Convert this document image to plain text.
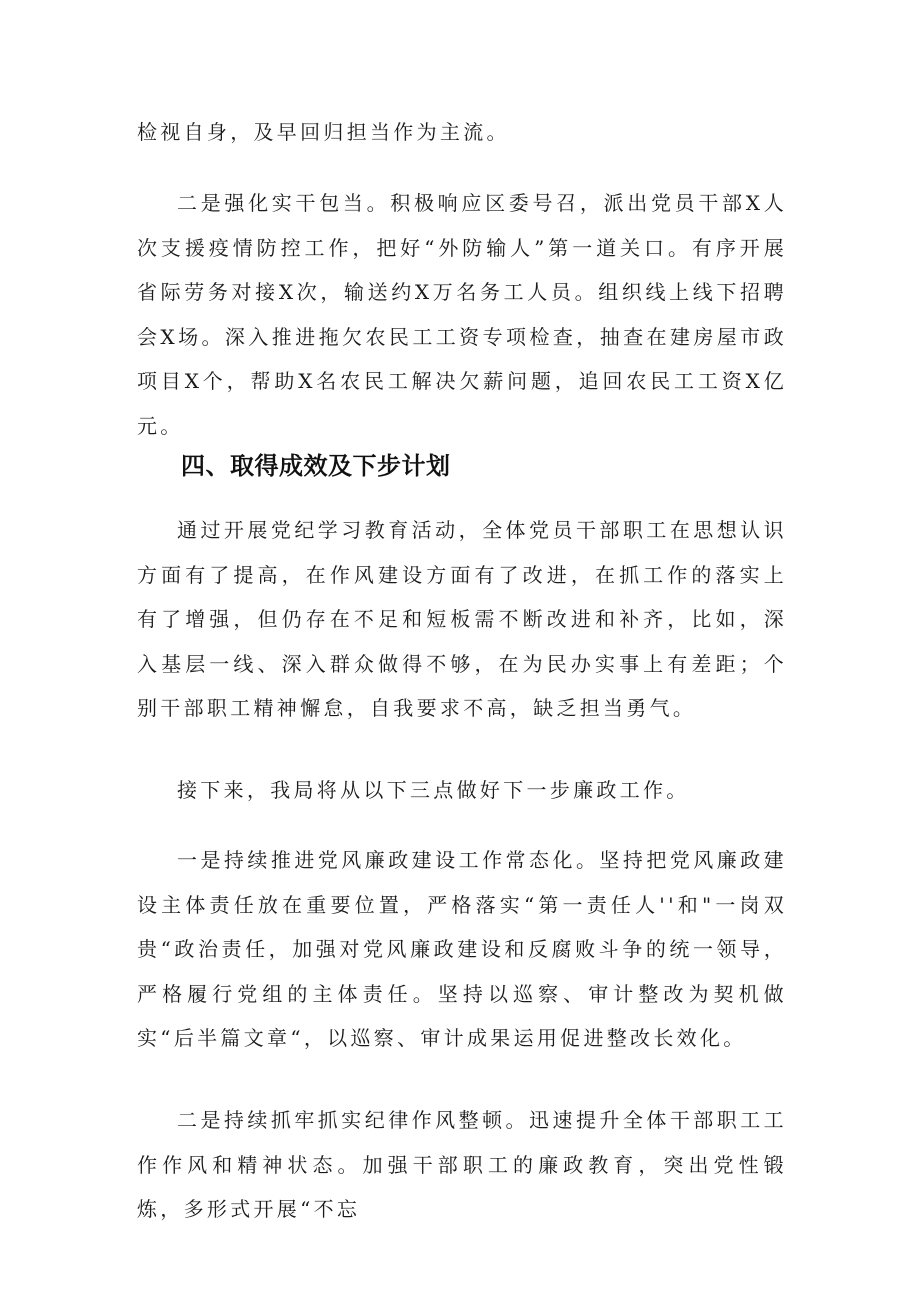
检视自身，及早回归担当作为主流。

二是强化实干包当。积极响应区委号召，派出党员干部X人次支援疫情防控工作，把好“外防输人”第一道关口。有序开展省际劳务对接X次，输送约X万名务工人员。组织线上线下招聘会X场。深入推进拖欠农民工工资专项检查，抽查在建房屋市政项目X个，帮助X名农民工解决欠薪问题，追回农民工工资X亿元。

四、取得成效及下步计划

通过开展党纪学习教育活动，全体党员干部职工在思想认识方面有了提高，在作风建设方面有了改进，在抓工作的落实上有了增强，但仍存在不足和短板需不断改进和补齐，比如，深入基层一线、深入群众做得不够，在为民办实事上有差距；个别干部职工精神懈怠，自我要求不高，缺乏担当勇气。

接下来，我局将从以下三点做好下一步廉政工作。

一是持续推进党风廉政建设工作常态化。坚持把党风廉政建设主体责任放在重要位置，严格落实“第一责任人''和"一岗双贵“政治责任，加强对党风廉政建设和反腐败斗争的统一领导，严格履行党组的主体责任。坚持以巡察、审计整改为契机做实“后半篇文章“，以巡察、审计成果运用促进整改长效化。

二是持续抓牢抓实纪律作风整顿。迅速提升全体干部职工工作作风和精神状态。加强干部职工的廉政教育，突出党性锻炼，多形式开展“不忘
